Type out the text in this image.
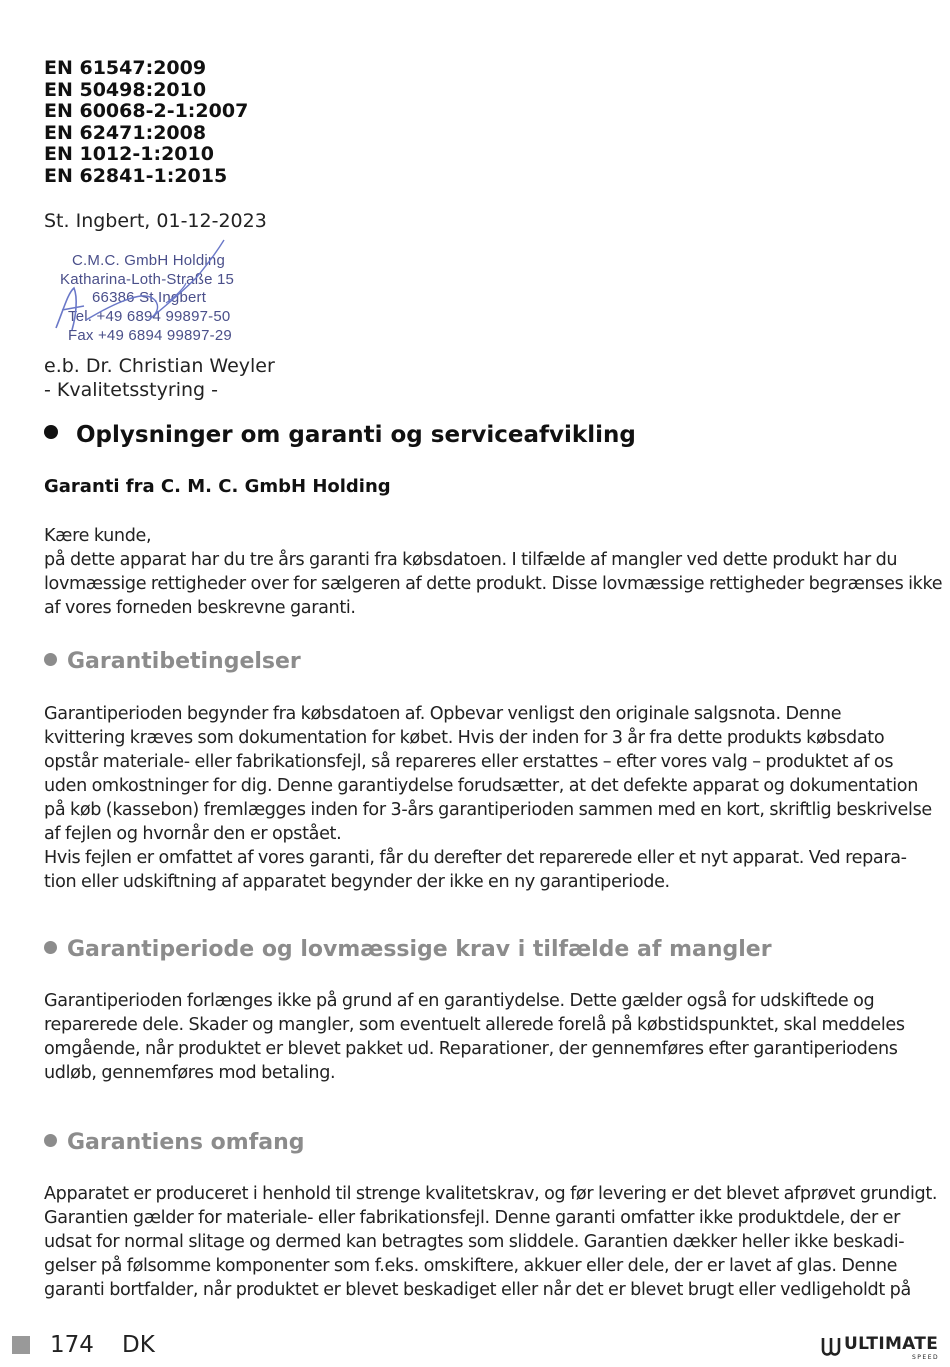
EN 61547:2009
EN 50498:2010
EN 60068-2-1:2007
EN 62471:2008
EN 1012-1:2010
EN 62841-1:2015
St. Ingbert, 01-12-2023
C.M.C. GmbH Holding
Katharina-Loth-Straße 15
66386 St.Ingbert
Tel. +49 6894 99897-50
Fax +49 6894 99897-29
e.b. Dr. Christian Weyler
- Kvalitetsstyring -
Oplysninger om garanti og serviceafvikling
Garanti fra C. M. C. GmbH Holding
Kære kunde,
på dette apparat har du tre års garanti fra købsdatoen. I tilfælde af mangler ved dette produkt har du
lovmæssige rettigheder over for sælgeren af dette produkt. Disse lovmæssige rettigheder begrænses ikke
af vores forneden beskrevne garanti.
Garantibetingelser
Garantiperioden begynder fra købsdatoen af. Opbevar venligst den originale salgsnota. Denne
kvittering kræves som dokumentation for købet. Hvis der inden for 3 år fra dette produkts købsdato
opstår materiale- eller fabrikationsfejl, så repareres eller erstattes – efter vores valg – produktet af os
uden omkostninger for dig. Denne garantiydelse forudsætter, at det defekte apparat og dokumentation
på køb (kassebon) fremlægges inden for 3-års garantiperioden sammen med en kort, skriftlig beskrivelse
af fejlen og hvornår den er opstået.
Hvis fejlen er omfattet af vores garanti, får du derefter det reparerede eller et nyt apparat. Ved repara-
tion eller udskiftning af apparatet begynder der ikke en ny garantiperiode.
Garantiperiode og lovmæssige krav i tilfælde af mangler
Garantiperioden forlænges ikke på grund af en garantiydelse. Dette gælder også for udskiftede og
reparerede dele. Skader og mangler, som eventuelt allerede forelå på købstidspunktet, skal meddeles
omgående, når produktet er blevet pakket ud. Reparationer, der gennemføres efter garantiperiodens
udløb, gennemføres mod betaling.
Garantiens omfang
Apparatet er produceret i henhold til strenge kvalitetskrav, og før levering er det blevet afprøvet grundigt.
Garantien gælder for materiale- eller fabrikationsfejl. Denne garanti omfatter ikke produktdele, der er
udsat for normal slitage og dermed kan betragtes som sliddele. Garantien dækker heller ikke beskadi-
gelser på følsomme komponenter som f.eks. omskiftere, akkuer eller dele, der er lavet af glas. Denne
garanti bortfalder, når produktet er blevet beskadiget eller når det er blevet brugt eller vedligeholdt på
174 DK	ULTIMATE
SPEED
